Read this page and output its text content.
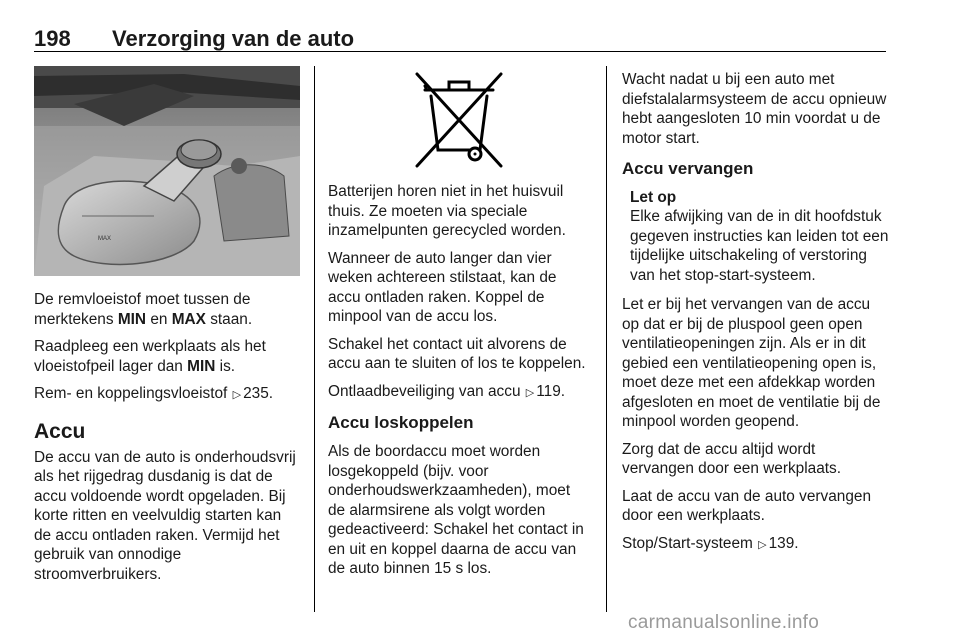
198 Verzorging van de auto
MAX

De remvloeistof moet tussen de merktekens MIN en MAX staan.

Raadpleeg een werkplaats als het vloeistofpeil lager dan MIN is.

Rem- en koppelingsvloeistof ▷ 235.

Accu

De accu van de auto is onderhoudsvrij als het rijgedrag dusdanig is dat de accu voldoende wordt opgeladen. Bij korte ritten en veelvuldig starten kan de accu ontladen raken. Vermijd het gebruik van onnodige stroomverbruikers.

Batterijen horen niet in het huisvuil thuis. Ze moeten via speciale inzamelpunten gerecycled worden.

Wanneer de auto langer dan vier weken achtereen stilstaat, kan de accu ontladen raken. Koppel de minpool van de accu los.

Schakel het contact uit alvorens de accu aan te sluiten of los te koppelen.

Ontlaadbeveiliging van accu ▷ 119.

Accu loskoppelen

Als de boordaccu moet worden losgekoppeld (bijv. voor onderhoudswerkzaamheden), moet de alarmsirene als volgt worden gedeactiveerd: Schakel het contact in en uit en koppel daarna de accu van de auto binnen 15 s los.

Wacht nadat u bij een auto met diefstalalarmsysteem de accu opnieuw hebt aangesloten 10 min voordat u de motor start.

Accu vervangen
Let op
Elke afwijking van de in dit hoofdstuk gegeven instructies kan leiden tot een tijdelijke uitschakeling of verstoring van het stop-start-systeem.

Let er bij het vervangen van de accu op dat er bij de pluspool geen open ventilatieopeningen zijn. Als er in dit gebied een ventilatieopening open is, moet deze met een afdekkap worden afgesloten en moet de ventilatie bij de minpool worden geopend.

Zorg dat de accu altijd wordt vervangen door een werkplaats.

Laat de accu van de auto vervangen door een werkplaats.

Stop/Start-systeem ▷ 139.

carmanualsonline.info
